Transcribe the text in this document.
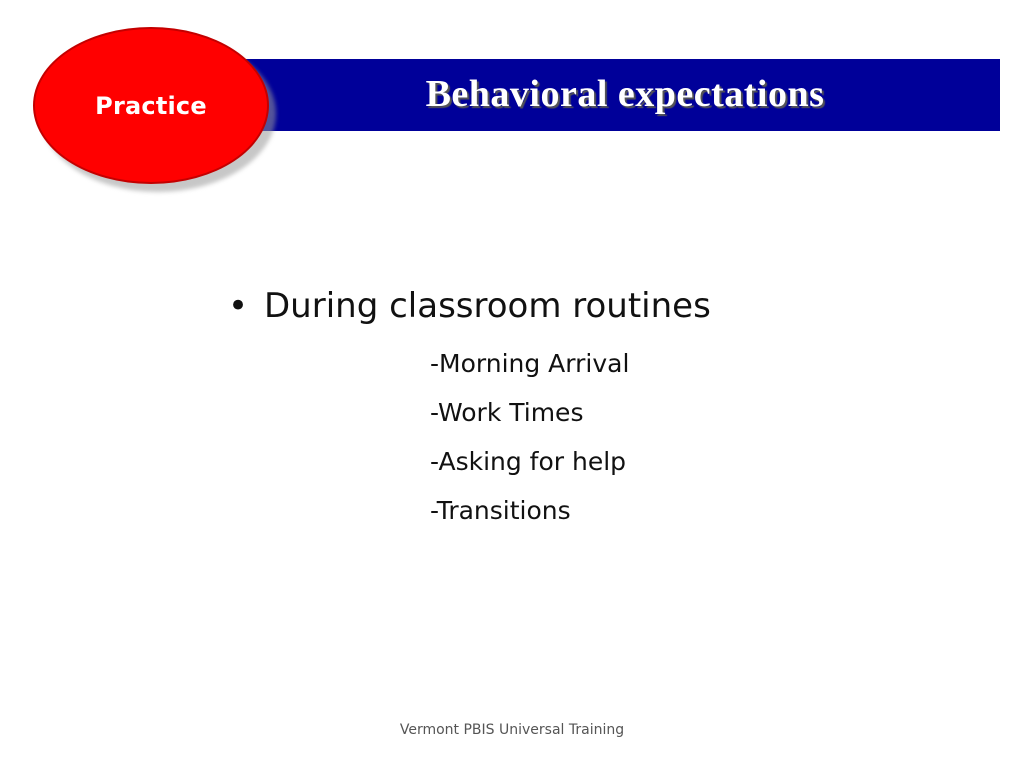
Behavioral expectations
Practice
• During classroom routines
-Morning Arrival
-Work Times
-Asking for help
-Transitions
Vermont PBIS Universal Training
